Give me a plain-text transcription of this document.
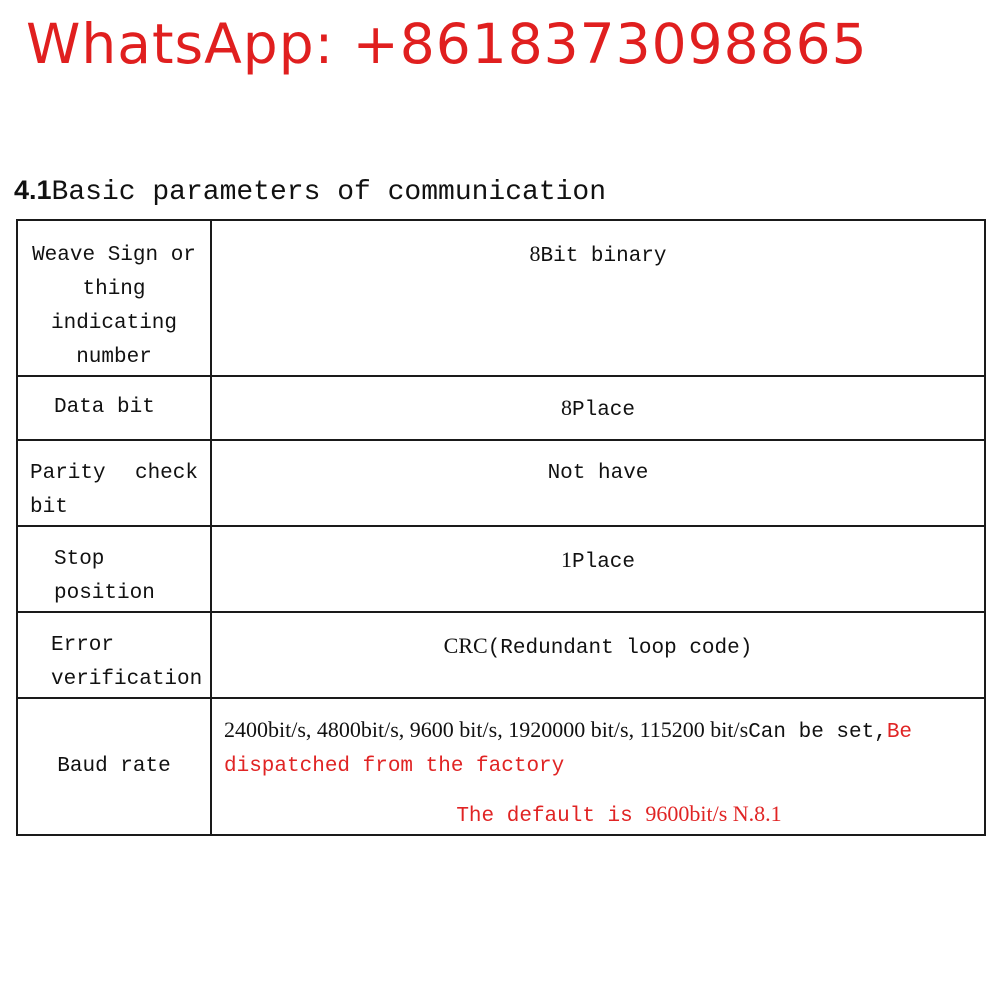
WhatsApp: +8618373098865
4.1Basic parameters of communication
Weave Sign or thing indicating number	8Bit binary

Data bit	8Place

Parity check bit	Not have

Stop position	1Place

Error verification	CRC(Redundant loop code)

Baud rate	2400bit/s, 4800bit/s, 9600 bit/s, 1920000 bit/s, 115200 bit/sCan be set,Be dispatched from the factory
The default is 9600bit/s N.8.1
